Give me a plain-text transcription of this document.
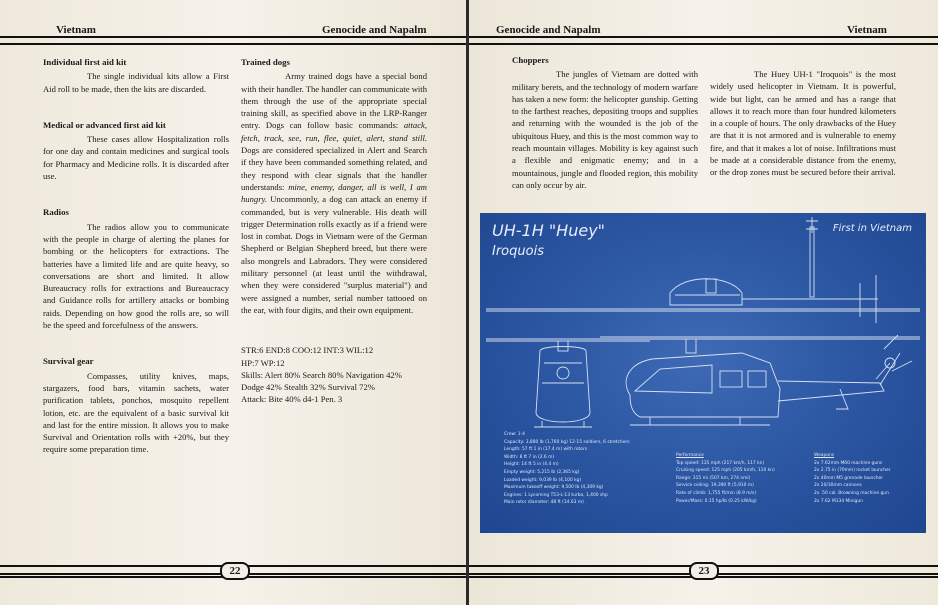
Vietnam	Genocide and Napalm
Individual first aid kit

The single individual kits allow a First Aid roll to be made, then the kits are discarded.

Medical or advanced first aid kit

These cases allow Hospitalization rolls for one day and contain medicines and surgical tools for Pharmacy and Medicine rolls. It is discarded after use.

Radios

The radios allow you to communicate with the people in charge of alerting the planes for bombing or the helicopters for extractions. The batteries have a limited life and are quite heavy, so conversations are short and limited. It allow Bureaucracy rolls for extractions and Bureaucracy and Guidance rolls for artillery attacks or bombing raids. Depending on how good the rolls are, so will be the speed and forcefulness of the answers.

Survival gear

Compasses, utility knives, maps, stargazers, food bars, vitamin sachets, water purification tablets, ponchos, mosquito repellent lotion, etc. are the equivalent of a basic survival kit and last for the entire mission. It allows you to make Survival and Orientation rolls with +20%, but they require some preparation time.

Trained dogs

Army trained dogs have a special bond with their handler. The handler can communicate with them through the use of the appropriate special training skill, as specified above in the LRP-Ranger entry. Dogs can follow basic commands: attack, fetch, track, see, run, flee, quiet, alert, stand still. Dogs are considered specialized in Alert and Search if they have been commanded something related, and they respond with clear signals that the handler understands: mine, enemy, danger, all is well, I am hungry. Uncommonly, a dog can attack an enemy if commanded, but is very vulnerable. His death will trigger Determination rolls exactly as if a friend were lost in combat. Dogs in Vietnam were of the German Shepherd or Belgian Shepherd breed, but there were also mongrels and Labradors. They were considered military personnel (at least until the withdrawal, when they were considered "surplus material") and were assigned a number, serial number tattooed on the ear, with four digits, and their own equipment.

STR:6 END:8 COO:12 INT:3 WIL:12

HP:7 WP:12

Skills: Alert 80% Search 80% Navigation 42%

Dodge 42% Stealth 32% Survival 72%

Attack: Bite 40% d4-1 Pen. 3

22
Genocide and Napalm	Vietnam
Choppers

The jungles of Vietnam are dotted with military berets, and the technology of modern warfare has taken a new form: the helicopter gunship. Getting to the farthest reaches, depositing troops and supplies and returning with the wounded is the job of the ubiquitous Huey, and this is the most common way to reach mountain villages. Mobility is key against such a flexible and enigmatic enemy; and in a mountainous, jungle and flooded region, this mobility can only occur by air.

The Huey UH-1 "Iroquois" is the most widely used helicopter in Vietnam. It is powerful, wide but light, can be armed and has a range that allows it to reach more than four hundred kilometers in a couple of hours. The only drawbacks of the Huey are that it is not armored and is vulnerable to enemy fire, and that it makes a lot of noise. Infiltrations must be made at a considerable distance from the enemy, or the drop zones must be secured before their arrival.

UH-1H "Huey"
Iroquois
First in Vietnam
Crew: 1-4
Capacity: 3,880 lb (1,760 kg) 12-15 soldiers, 6 stretchers
Length: 57 ft 1 in (17.4 m) with rotors
Width: 8 ft 7 in (2.6 m)
Height: 14 ft 5 in (4.4 m)
Empty weight: 5,215 lb (2,365 kg)
Loaded weight: 9,039 lb (4,100 kg)
Maximum takeoff weight: 9,500 lb (4,309 kg)
Engines: 1 Lycoming T53-L-13 turbo, 1,400 shp
Main rotor diameter: 48 ft (14.63 m)
Performance
Top speed: 135 mph (217 km/h, 117 kn)
Cruising speed: 125 mph (205 km/h, 110 kn)
Range: 315 mi (507 km, 274 nmi)
Service ceiling: 19,390 ft (5,910 m)
Rate of climb: 1,755 ft/min (8.9 m/s)
Power/Mass: 0.15 hp/lb (0.25 kW/kg)
Weapons
2x 7.62mm M60 machine guns
2x 2.75 in (70mm) rocket launcher
2x 40mm M5 grenade launcher
2x 20/30mm cannons
2x .50 cal. Browning machine gun
2x 7.62 M134 Minigun
23
